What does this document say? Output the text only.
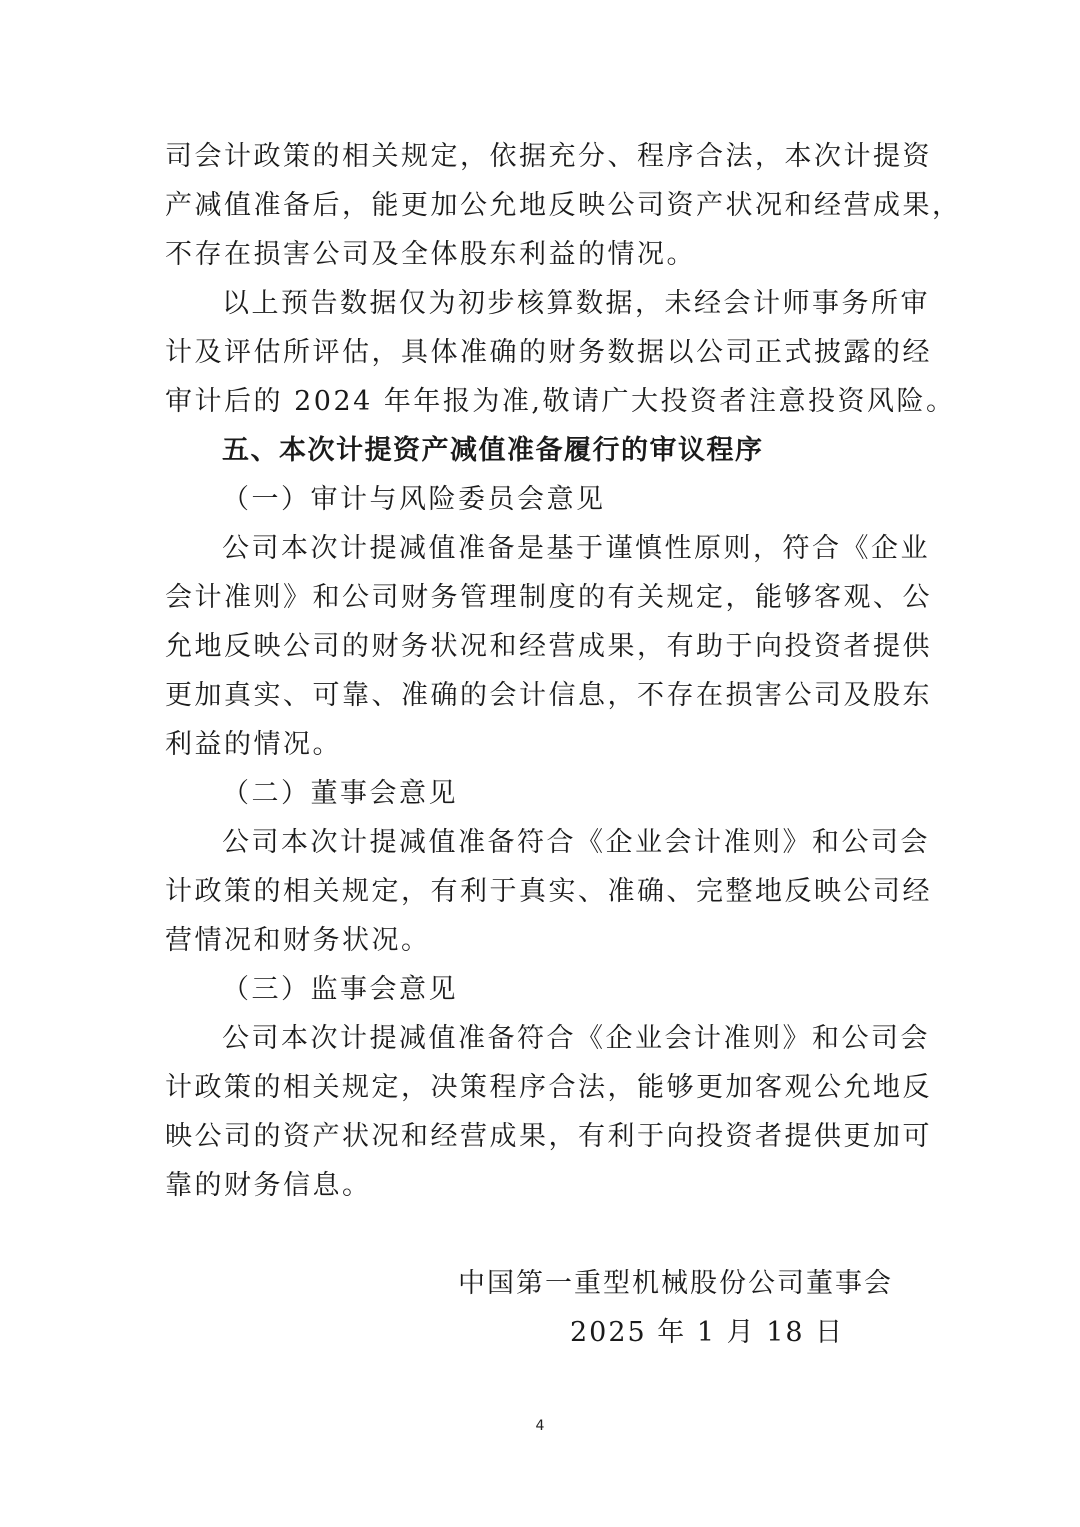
司会计政策的相关规定，依据充分、程序合法，本次计提资
产减值准备后，能更加公允地反映公司资产状况和经营成果，
不存在损害公司及全体股东利益的情况。
以上预告数据仅为初步核算数据，未经会计师事务所审
计及评估所评估，具体准确的财务数据以公司正式披露的经
审计后的 2024 年年报为准,敬请广大投资者注意投资风险。
五、本次计提资产减值准备履行的审议程序
（一）审计与风险委员会意见
公司本次计提减值准备是基于谨慎性原则，符合《企业
会计准则》和公司财务管理制度的有关规定，能够客观、公
允地反映公司的财务状况和经营成果，有助于向投资者提供
更加真实、可靠、准确的会计信息，不存在损害公司及股东
利益的情况。
（二）董事会意见
公司本次计提减值准备符合《企业会计准则》和公司会
计政策的相关规定，有利于真实、准确、完整地反映公司经
营情况和财务状况。
（三）监事会意见
公司本次计提减值准备符合《企业会计准则》和公司会
计政策的相关规定，决策程序合法，能够更加客观公允地反
映公司的资产状况和经营成果，有利于向投资者提供更加可
靠的财务信息。
中国第一重型机械股份公司董事会
2025 年 1 月 18 日
4
